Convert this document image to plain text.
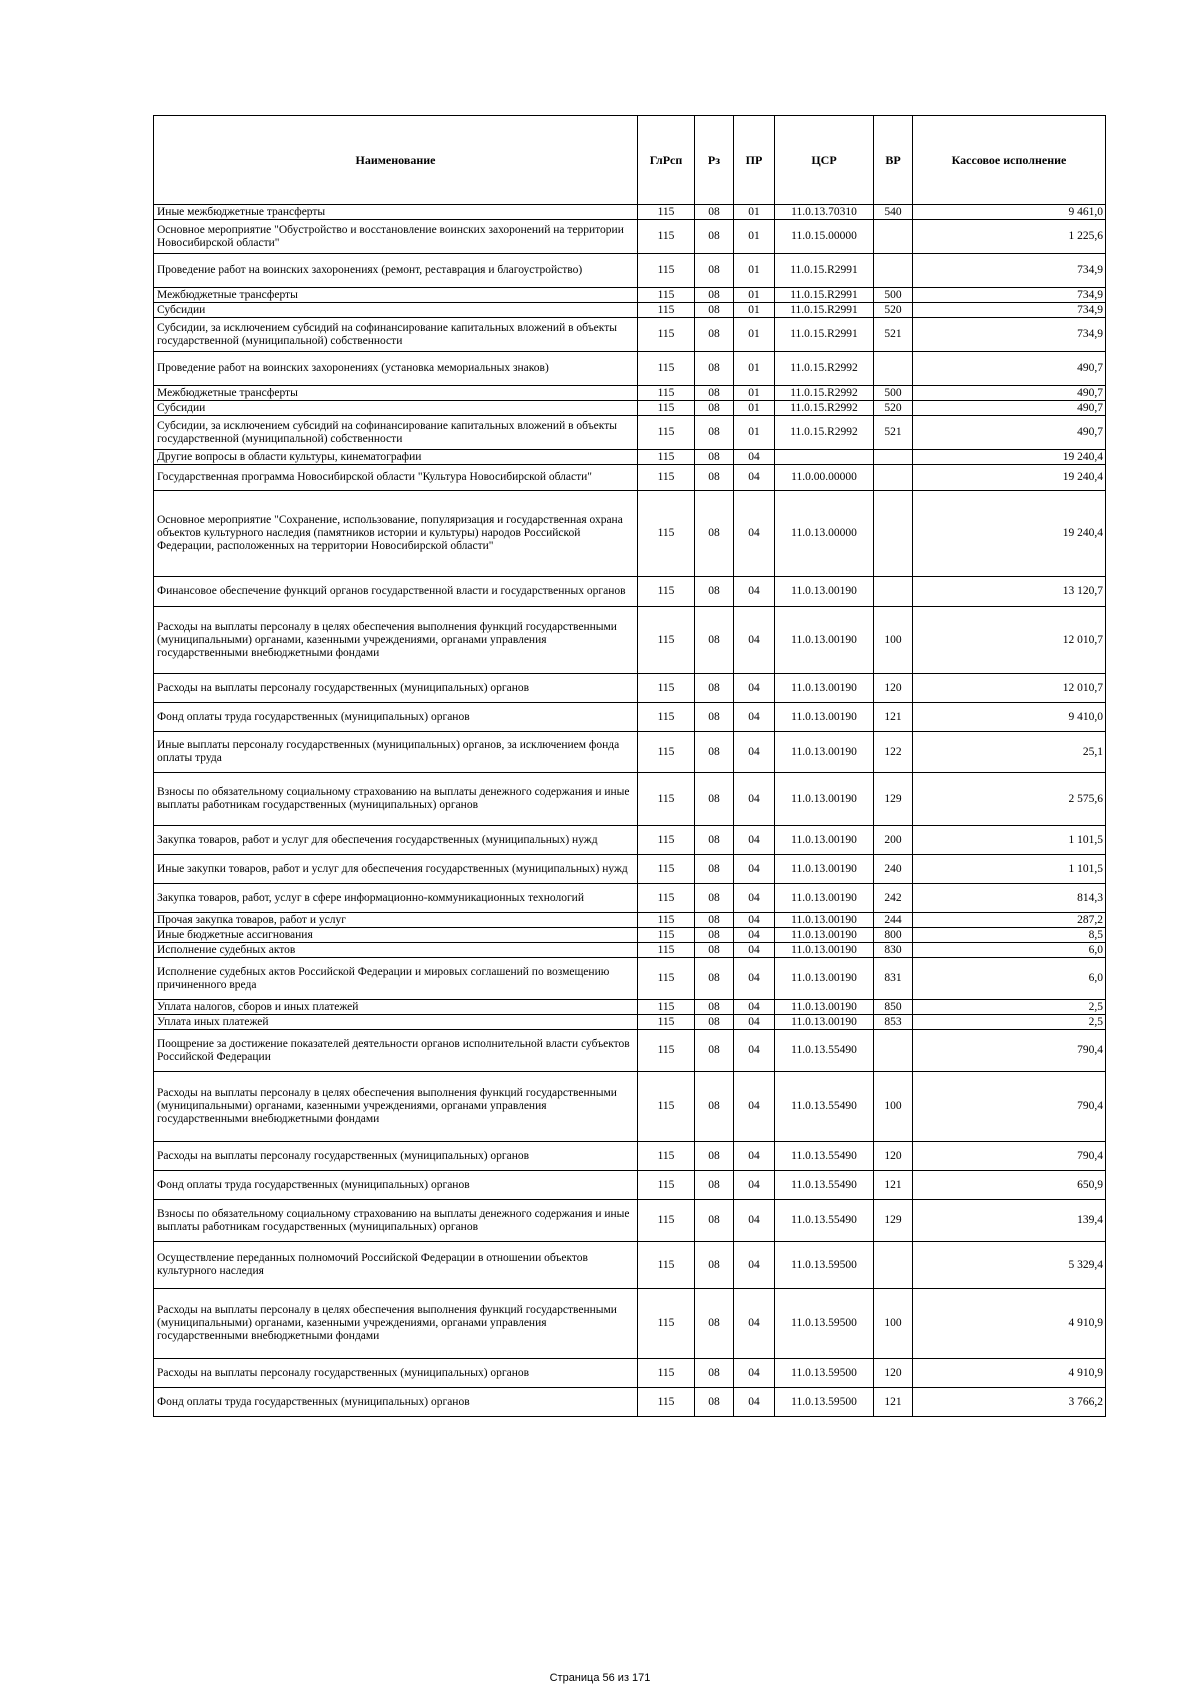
Наименование	ГлРсп	Рз	ПР	ЦСР	ВР	Кассовое исполнение
Иные межбюджетные трансферты	115	08	01	11.0.13.70310	540	9 461,0
Основное мероприятие "Обустройство и восстановление воинских захоронений на территории Новосибирской области"	115	08	01	11.0.15.00000		1 225,6
Проведение работ на воинских захоронениях (ремонт, реставрация и благоустройство)	115	08	01	11.0.15.R2991		734,9
Межбюджетные трансферты	115	08	01	11.0.15.R2991	500	734,9
Субсидии	115	08	01	11.0.15.R2991	520	734,9
Субсидии, за исключением субсидий на софинансирование капитальных вложений в объекты государственной (муниципальной) собственности	115	08	01	11.0.15.R2991	521	734,9
Проведение работ на воинских захоронениях (установка мемориальных знаков)	115	08	01	11.0.15.R2992		490,7
Межбюджетные трансферты	115	08	01	11.0.15.R2992	500	490,7
Субсидии	115	08	01	11.0.15.R2992	520	490,7
Субсидии, за исключением субсидий на софинансирование капитальных вложений в объекты государственной (муниципальной) собственности	115	08	01	11.0.15.R2992	521	490,7
Другие вопросы в области культуры, кинематографии	115	08	04			19 240,4
Государственная программа Новосибирской области "Культура Новосибирской области"	115	08	04	11.0.00.00000		19 240,4
Основное мероприятие "Сохранение, использование, популяризация и государственная охрана объектов культурного наследия (памятников истории и культуры) народов Российской Федерации, расположенных на территории Новосибирской области"	115	08	04	11.0.13.00000		19 240,4
Финансовое обеспечение функций органов государственной власти и государственных органов	115	08	04	11.0.13.00190		13 120,7
Расходы на выплаты персоналу в целях обеспечения выполнения функций государственными (муниципальными) органами, казенными учреждениями, органами управления государственными внебюджетными фондами	115	08	04	11.0.13.00190	100	12 010,7
Расходы на выплаты персоналу государственных (муниципальных) органов	115	08	04	11.0.13.00190	120	12 010,7
Фонд оплаты труда государственных (муниципальных) органов	115	08	04	11.0.13.00190	121	9 410,0
Иные выплаты персоналу государственных (муниципальных) органов, за исключением фонда оплаты труда	115	08	04	11.0.13.00190	122	25,1
Взносы по обязательному социальному страхованию на выплаты денежного содержания и иные выплаты работникам государственных (муниципальных) органов	115	08	04	11.0.13.00190	129	2 575,6
Закупка товаров, работ и услуг для обеспечения государственных (муниципальных) нужд	115	08	04	11.0.13.00190	200	1 101,5
Иные закупки товаров, работ и услуг для обеспечения государственных (муниципальных) нужд	115	08	04	11.0.13.00190	240	1 101,5
Закупка товаров, работ, услуг в сфере информационно-коммуникационных технологий	115	08	04	11.0.13.00190	242	814,3
Прочая закупка товаров, работ и услуг	115	08	04	11.0.13.00190	244	287,2
Иные бюджетные ассигнования	115	08	04	11.0.13.00190	800	8,5
Исполнение судебных актов	115	08	04	11.0.13.00190	830	6,0
Исполнение судебных актов Российской Федерации и мировых соглашений по возмещению причиненного вреда	115	08	04	11.0.13.00190	831	6,0
Уплата налогов, сборов и иных платежей	115	08	04	11.0.13.00190	850	2,5
Уплата иных платежей	115	08	04	11.0.13.00190	853	2,5
Поощрение за достижение показателей деятельности органов исполнительной власти субъектов Российской Федерации	115	08	04	11.0.13.55490		790,4
Расходы на выплаты персоналу в целях обеспечения выполнения функций государственными (муниципальными) органами, казенными учреждениями, органами управления государственными внебюджетными фондами	115	08	04	11.0.13.55490	100	790,4
Расходы на выплаты персоналу государственных (муниципальных) органов	115	08	04	11.0.13.55490	120	790,4
Фонд оплаты труда государственных (муниципальных) органов	115	08	04	11.0.13.55490	121	650,9
Взносы по обязательному социальному страхованию на выплаты денежного содержания и иные выплаты работникам государственных (муниципальных) органов	115	08	04	11.0.13.55490	129	139,4
Осуществление переданных полномочий Российской Федерации в отношении объектов культурного наследия	115	08	04	11.0.13.59500		5 329,4
Расходы на выплаты персоналу в целях обеспечения выполнения функций государственными (муниципальными) органами, казенными учреждениями, органами управления государственными внебюджетными фондами	115	08	04	11.0.13.59500	100	4 910,9
Расходы на выплаты персоналу государственных (муниципальных) органов	115	08	04	11.0.13.59500	120	4 910,9
Фонд оплаты труда государственных (муниципальных) органов	115	08	04	11.0.13.59500	121	3 766,2
Страница 56 из 171
